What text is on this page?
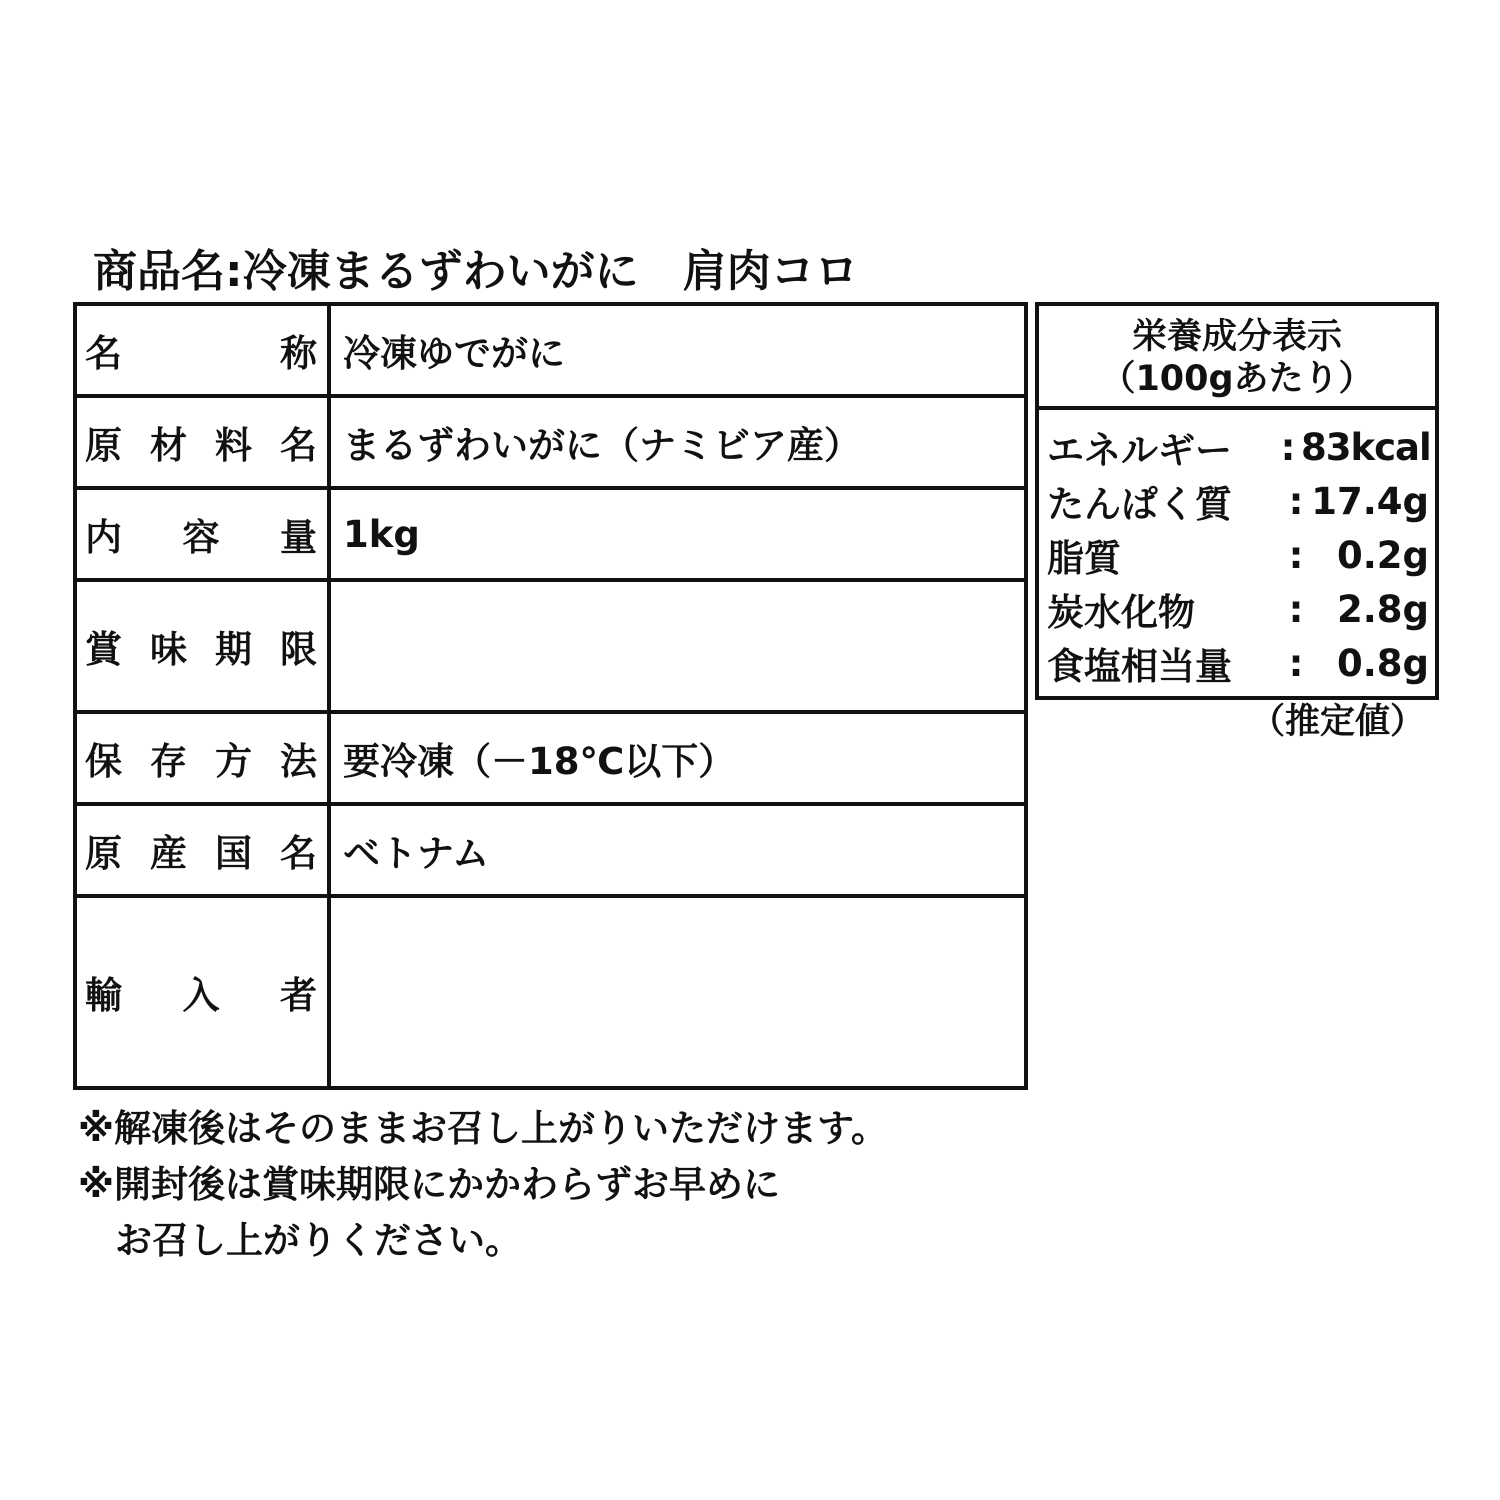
商品名:冷凍まるずわいがに　肩肉コロ
名 称	冷凍ゆでがに

原 材 料 名	まるずわいがに（ナミビア産）

内 容 量	1kg

賞 味 期 限	

保 存 方 法	要冷凍（－18℃以下）

原 産 国 名	ベトナム

輸 入 者	

栄養成分表示
（100gあたり）
エネルギー	: 83kcal
たんぱく質	: 17.4g
脂質	: 0.2g
炭水化物	: 2.8g
食塩相当量	: 0.8g
（推定値）
※解凍後はそのままお召し上がりいただけます。
※開封後は賞味期限にかかわらずお早めに
　お召し上がりください。
